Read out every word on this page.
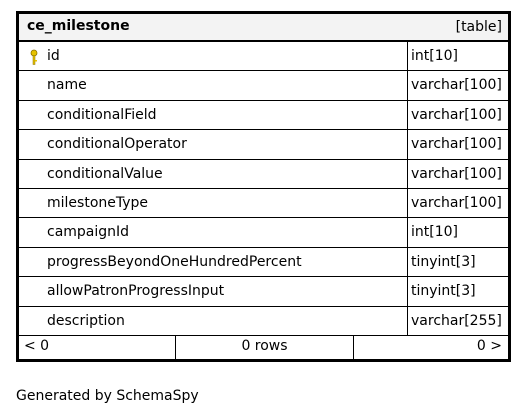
ce_milestone	[table]
id	int[10]
name	varchar[100]
conditionalField	varchar[100]
conditionalOperator	varchar[100]
conditionalValue	varchar[100]
milestoneType	varchar[100]
campaignId	int[10]
progressBeyondOneHundredPercent	tinyint[3]
allowPatronProgressInput	tinyint[3]
description	varchar[255]
< 0	0 rows	0 >
Generated by SchemaSpy
